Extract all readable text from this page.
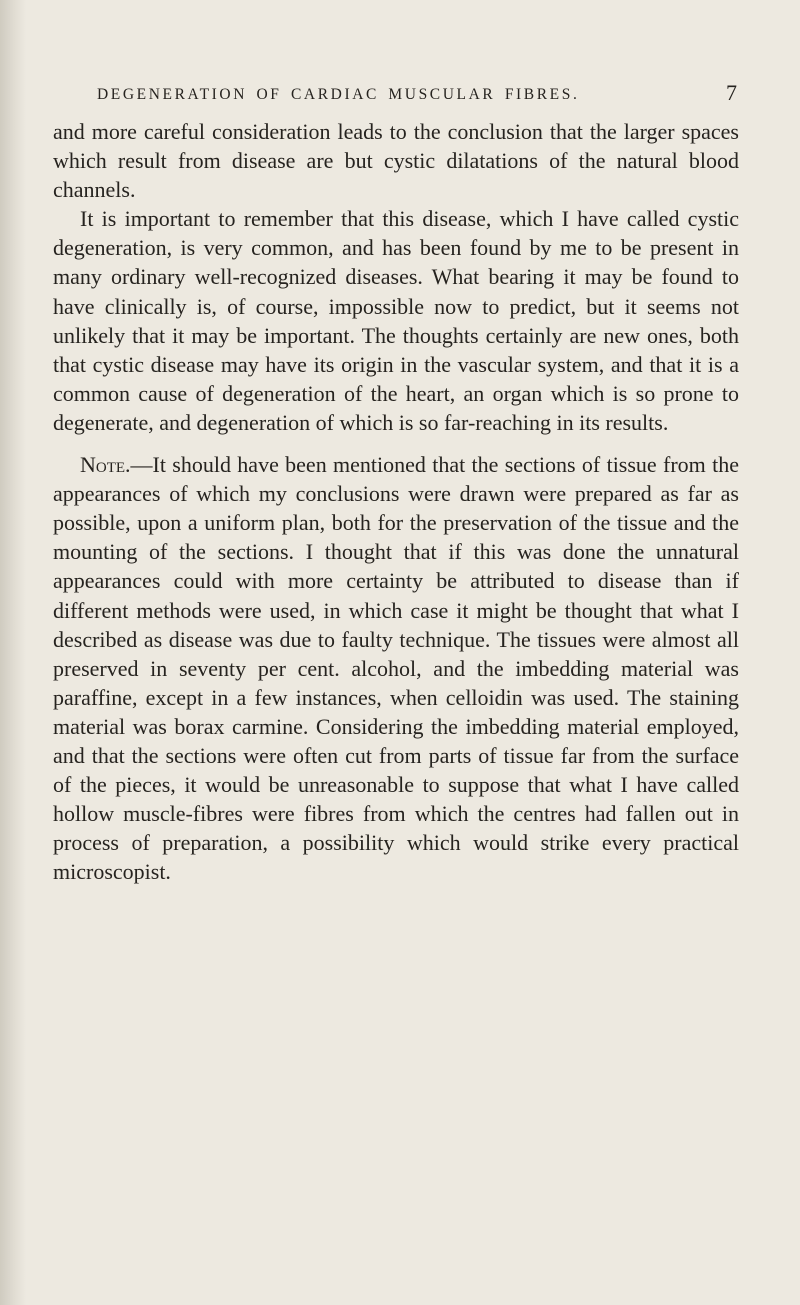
DEGENERATION OF CARDIAC MUSCULAR FIBRES.	7

and more careful consideration leads to the conclusion that the larger spaces which result from disease are but cystic dilatations of the natural blood channels.

It is important to remember that this disease, which I have called cystic degeneration, is very common, and has been found by me to be present in many ordinary well-recognized diseases. What bearing it may be found to have clinically is, of course, impossible now to predict, but it seems not unlikely that it may be important. The thoughts certainly are new ones, both that cystic disease may have its origin in the vascular system, and that it is a common cause of degeneration of the heart, an organ which is so prone to degenerate, and degeneration of which is so far-reaching in its results.

Note.—It should have been mentioned that the sections of tissue from the appearances of which my conclusions were drawn were prepared as far as possible, upon a uniform plan, both for the preservation of the tissue and the mounting of the sections. I thought that if this was done the unnatural appearances could with more certainty be attributed to disease than if different methods were used, in which case it might be thought that what I described as disease was due to faulty technique. The tissues were almost all preserved in seventy per cent. alcohol, and the imbedding material was paraffine, except in a few instances, when celloidin was used. The staining material was borax carmine. Considering the imbedding material employed, and that the sections were often cut from parts of tissue far from the surface of the pieces, it would be unreasonable to suppose that what I have called hollow muscle-fibres were fibres from which the centres had fallen out in process of preparation, a possibility which would strike every practical microscopist.
